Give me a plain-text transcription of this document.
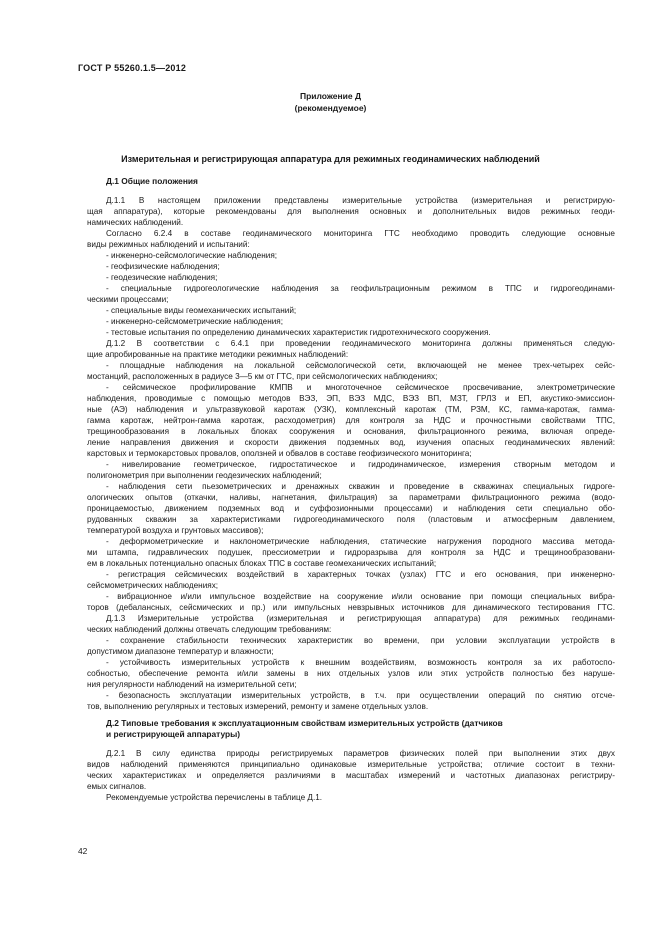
ГОСТ Р 55260.1.5—2012
Приложение Д
(рекомендуемое)
Измерительная и регистрирующая аппаратура для режимных геодинамических наблюдений
Д.1 Общие положения
Д.1.1 В настоящем приложении представлены измерительные устройства (измерительная и регистрирую-
щая аппаратура), которые рекомендованы для выполнения основных и дополнительных видов режимных геоди-
намических наблюдений.
Согласно 6.2.4 в составе геодинамического мониторинга ГТС необходимо проводить следующие основные
виды режимных наблюдений и испытаний:
- инженерно-сейсмологические наблюдения;
- геофизические наблюдения;
- геодезические наблюдения;
- специальные гидрогеологические наблюдения за геофильтрационным режимом в ТПС и гидрогеодинами-
ческими процессами;
- специальные виды геомеханических испытаний;
- инженерно-сейсмометрические наблюдения;
- тестовые испытания по определению динамических характеристик гидротехнического сооружения.
Д.1.2 В соответствии с 6.4.1 при проведении геодинамического мониторинга должны применяться следую-
щие апробированные на практике методики режимных наблюдений:
- площадные наблюдения на локальной сейсмологической сети, включающей не менее трех-четырех сейс-
мостанций, расположенных в радиусе 3—5 км от ГТС, при сейсмологических наблюдениях;
- сейсмическое профилирование КМПВ и многоточечное сейсмическое просвечивание, электрометрические
наблюдения, проводимые с помощью методов ВЭЗ, ЭП, ВЭЗ МДС, ВЭЗ ВП, МЗТ, ГРЛЗ и ЕП, акустико-эмиссион-
ные (АЭ) наблюдения и ультразвуковой каротаж (УЗК), комплексный каротаж (ТМ, РЗМ, КС, гамма-каротаж, гамма-
гамма каротаж, нейтрон-гамма каротаж, расходометрия) для контроля за НДС и прочностными свойствами ТПС,
трещинообразования в локальных блоках сооружения и основания, фильтрационного режима, включая опреде-
ление направления движения и скорости движения подземных вод, изучения опасных геодинамических явлений:
карстовых и термокарстовых провалов, оползней и обвалов в составе геофизического мониторинга;
- нивелирование геометрическое, гидростатическое и гидродинамическое, измерения створным методом и
полигонометрия при выполнении геодезических наблюдений;
- наблюдения сети пьезометрических и дренажных скважин и проведение в скважинах специальных гидроге-
ологических опытов (откачки, наливы, нагнетания, фильтрация) за параметрами фильтрационного режима (водо-
проницаемостью, движением подземных вод и суффозионными процессами) и наблюдения сети специально обо-
рудованных скважин за характеристиками гидрогеодинамического поля (пластовым и атмосферным давлением,
температурой воздуха и грунтовых массивов);
- деформометрические и наклонометрические наблюдения, статические нагружения породного массива метода-
ми штампа, гидравлических подушек, прессиометрии и гидроразрыва для контроля за НДС и трещинообразовани-
ем в локальных потенциально опасных блоках ТПС в составе геомеханических испытаний;
- регистрация сейсмических воздействий в характерных точках (узлах) ГТС и его основания, при инженерно-
сейсмометрических наблюдениях;
- вибрационное и/или импульсное воздействие на сооружение и/или основание при помощи специальных вибра-
торов (дебалансных, сейсмических и пр.) или импульсных невзрывных источников для динамического тестирования ГТС.
Д.1.3 Измерительные устройства (измерительная и регистрирующая аппаратура) для режимных геодинами-
ческих наблюдений должны отвечать следующим требованиям:
- сохранение стабильности технических характеристик во времени, при условии эксплуатации устройств в
допустимом диапазоне температур и влажности;
- устойчивость измерительных устройств к внешним воздействиям, возможность контроля за их работоспо-
собностью, обеспечение ремонта и/или замены в них отдельных узлов или этих устройств полностью без наруше-
ния регулярности наблюдений на измерительной сети;
- безопасность эксплуатации измерительных устройств, в т.ч. при осуществлении операций по снятию отсче-
тов, выполнению регулярных и тестовых измерений, ремонту и замене отдельных узлов.
Д.2 Типовые требования к эксплуатационным свойствам измерительных устройств (датчиков
и регистрирующей аппаратуры)
Д.2.1 В силу единства природы регистрируемых параметров физических полей при выполнении этих двух
видов наблюдений применяются принципиально одинаковые измерительные устройства; отличие состоит в техни-
ческих характеристиках и определяется различиями в масштабах измерений и частотных диапазонах регистриру-
емых сигналов.
Рекомендуемые устройства перечислены в таблице Д.1.
42
